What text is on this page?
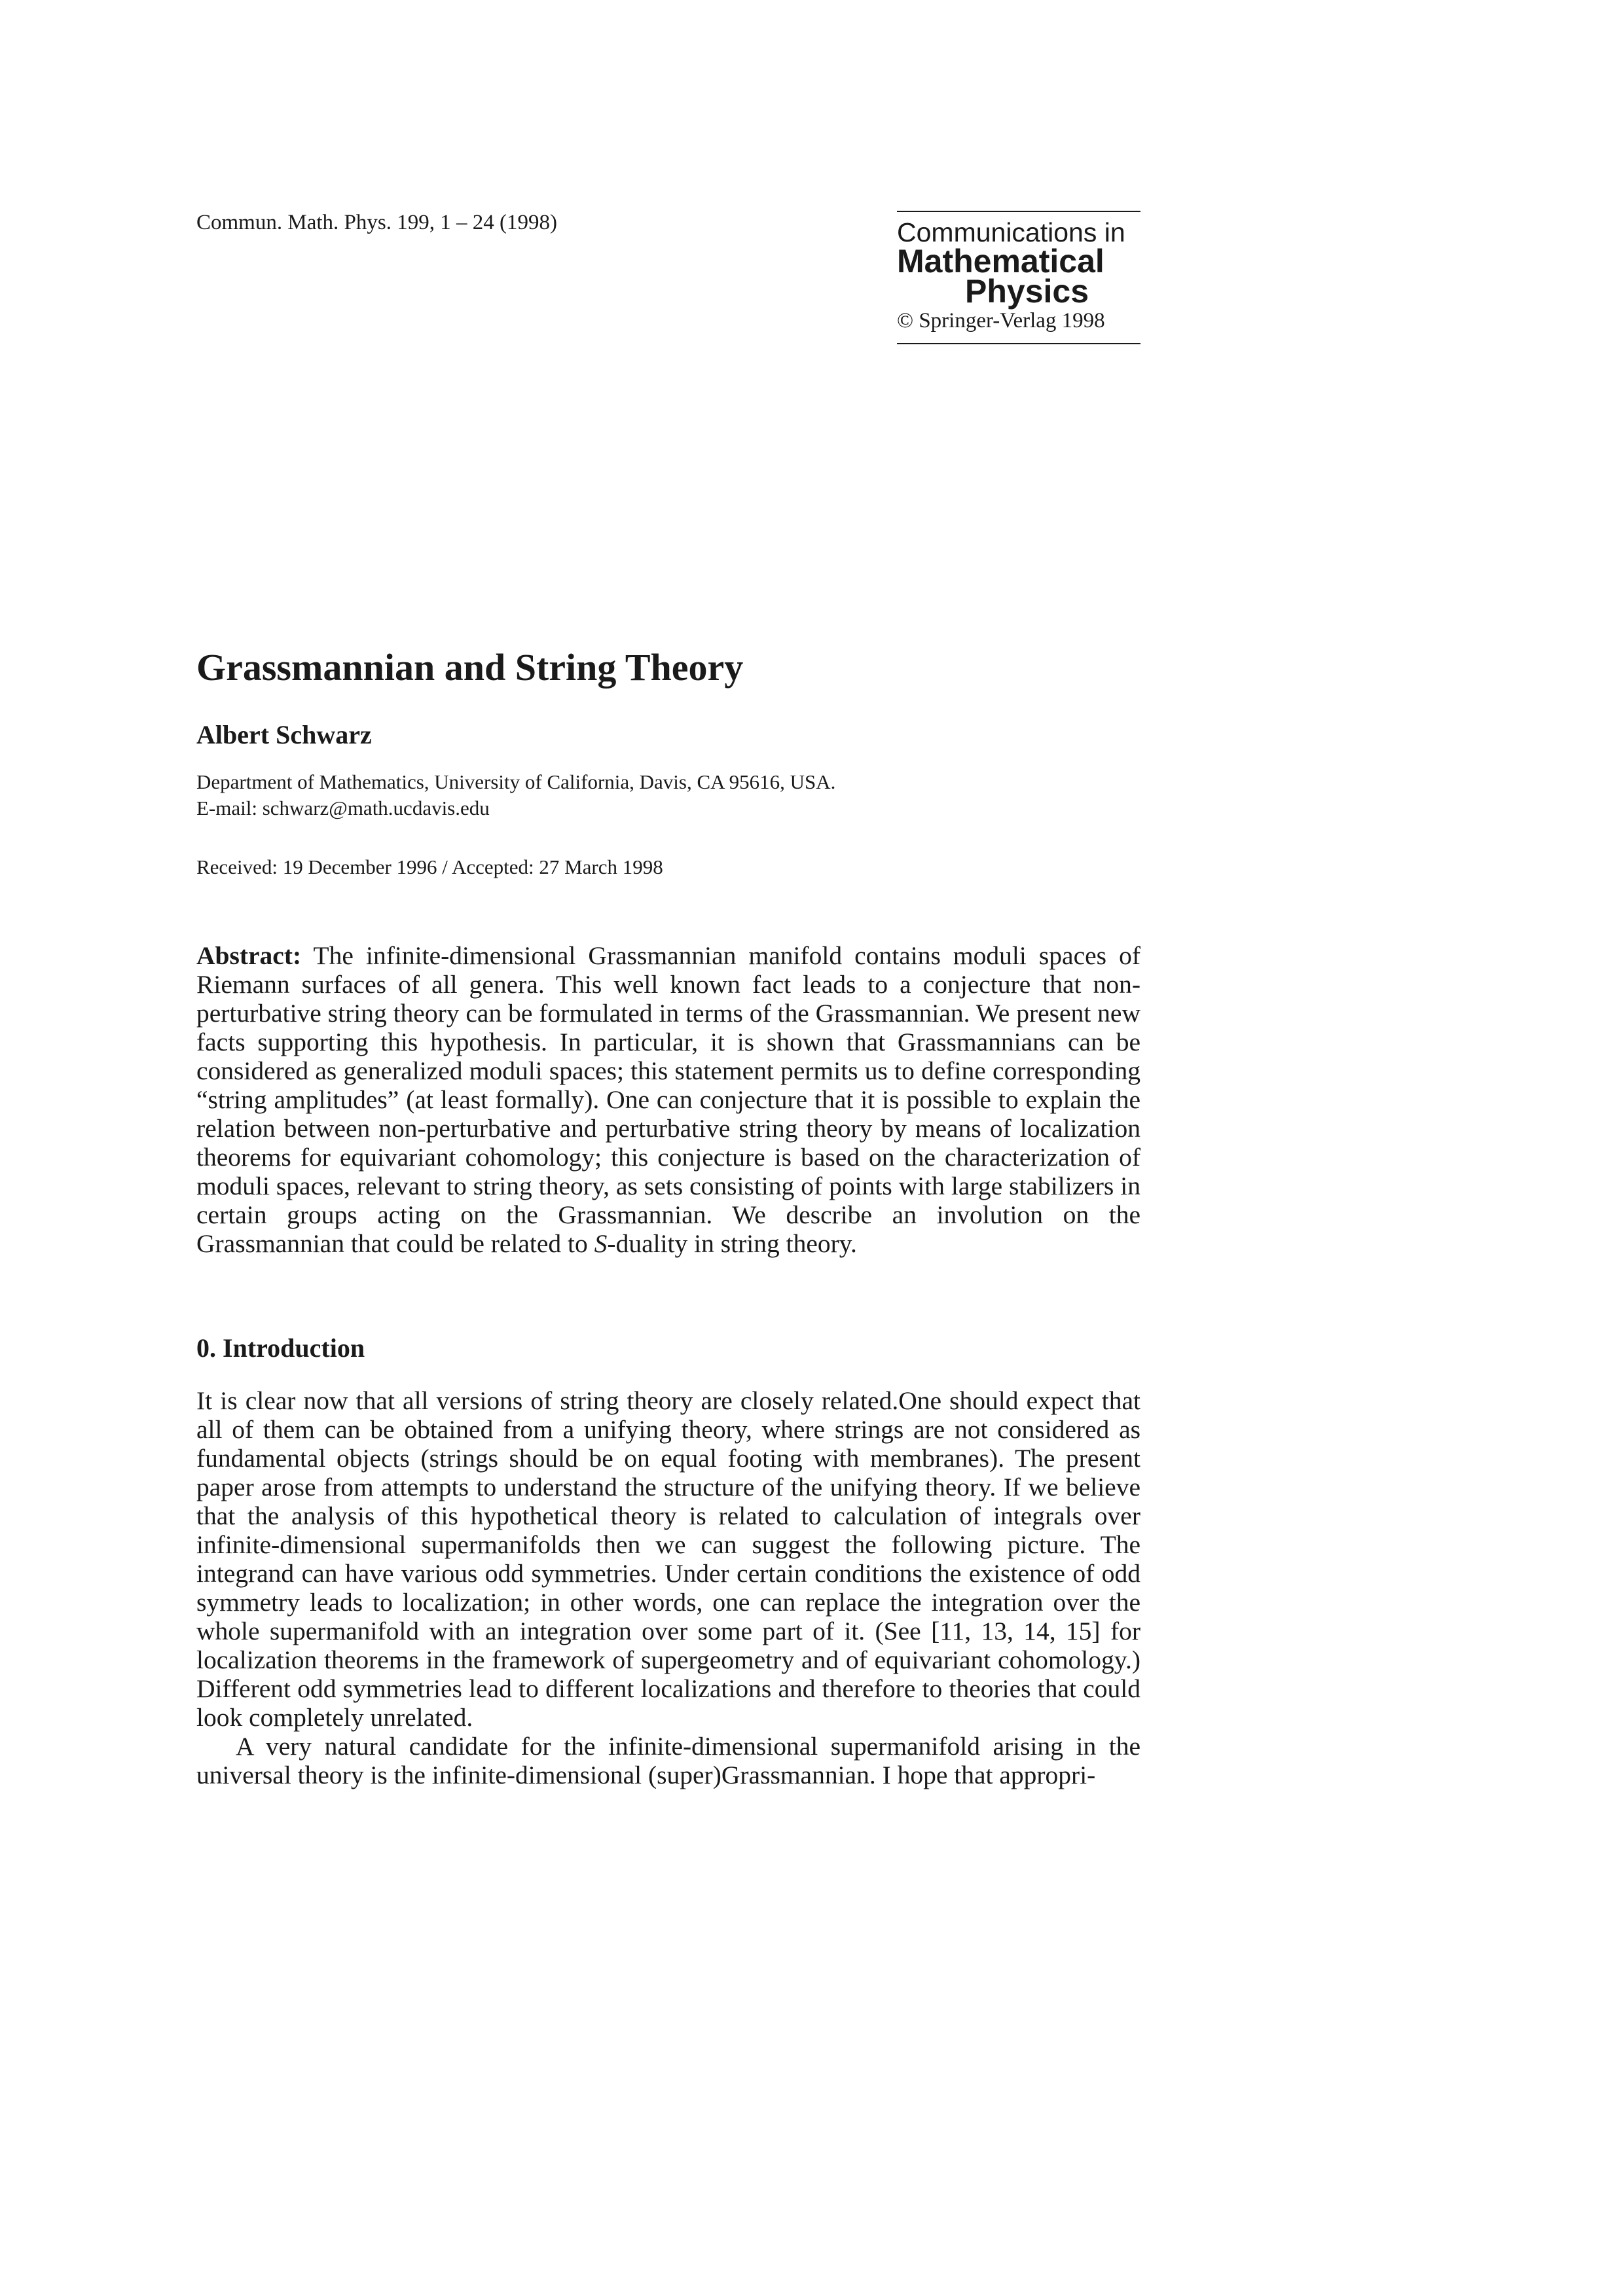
Commun. Math. Phys. 199, 1 – 24 (1998)	Communications in
Mathematical
Physics
© Springer-Verlag 1998
Grassmannian and String Theory
Albert Schwarz
Department of Mathematics, University of California, Davis, CA 95616, USA.
E-mail: schwarz@math.ucdavis.edu
Received: 19 December 1996 / Accepted: 27 March 1998
Abstract: The infinite-dimensional Grassmannian manifold contains moduli spaces of Riemann surfaces of all genera. This well known fact leads to a conjecture that non-perturbative string theory can be formulated in terms of the Grassmannian. We present new facts supporting this hypothesis. In particular, it is shown that Grassmannians can be considered as generalized moduli spaces; this statement permits us to define corresponding “string amplitudes” (at least formally). One can conjecture that it is possible to explain the relation between non-perturbative and perturbative string theory by means of localization theorems for equivariant cohomology; this conjecture is based on the characterization of moduli spaces, relevant to string theory, as sets consisting of points with large stabilizers in certain groups acting on the Grassmannian. We describe an involution on the Grassmannian that could be related to S-duality in string theory.
0. Introduction

It is clear now that all versions of string theory are closely related.One should expect that all of them can be obtained from a unifying theory, where strings are not considered as fundamental objects (strings should be on equal footing with membranes). The present paper arose from attempts to understand the structure of the unifying theory. If we believe that the analysis of this hypothetical theory is related to calculation of integrals over infinite-dimensional supermanifolds then we can suggest the following picture. The integrand can have various odd symmetries. Under certain conditions the existence of odd symmetry leads to localization; in other words, one can replace the integration over the whole supermanifold with an integration over some part of it. (See [11, 13, 14, 15] for localization theorems in the framework of supergeometry and of equivariant cohomology.) Different odd symmetries lead to different localizations and therefore to theories that could look completely unrelated.

A very natural candidate for the infinite-dimensional supermanifold arising in the universal theory is the infinite-dimensional (super)Grassmannian. I hope that appropri-
